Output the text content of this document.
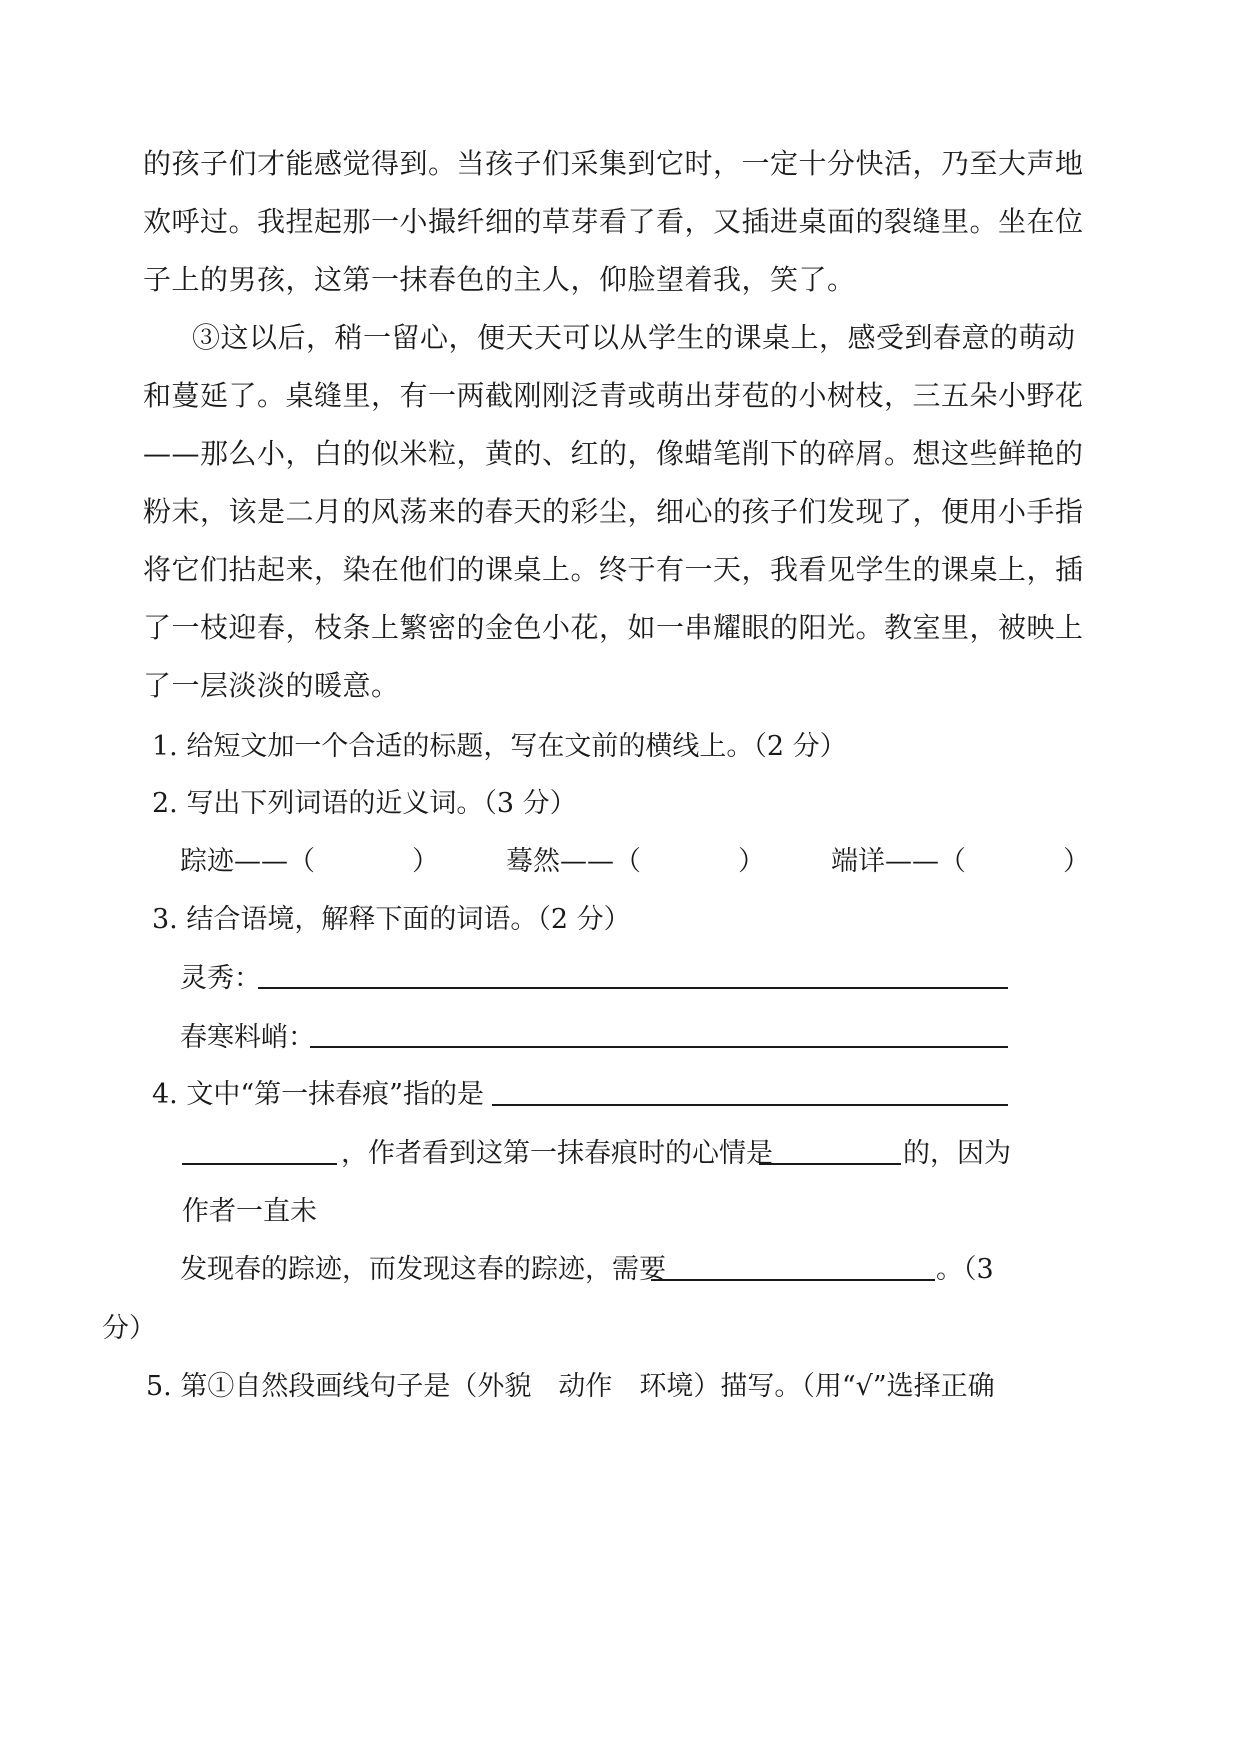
的孩子们才能感觉得到。当孩子们采集到它时，一定十分快活，乃至大声地

欢呼过。我捏起那一小撮纤细的草芽看了看，又插进桌面的裂缝里。坐在位

子上的男孩，这第一抹春色的主人，仰脸望着我，笑了。

③这以后，稍一留心，便天天可以从学生的课桌上，感受到春意的萌动

和蔓延了。桌缝里，有一两截刚刚泛青或萌出芽苞的小树枝，三五朵小野花

——那么小，白的似米粒，黄的、红的，像蜡笔削下的碎屑。想这些鲜艳的

粉末，该是二月的风荡来的春天的彩尘，细心的孩子们发现了，便用小手指

将它们拈起来，染在他们的课桌上。终于有一天，我看见学生的课桌上，插

了一枝迎春，枝条上繁密的金色小花，如一串耀眼的阳光。教室里，被映上

了一层淡淡的暖意。

1. 给短文加一个合适的标题，写在文前的横线上。（2 分）

2. 写出下列词语的近义词。（3 分）

踪迹——（	） 蓦然——（	） 端详——（	）

3. 结合语境，解释下面的词语。（2 分）

灵秀：
春寒料峭：
4. 文中“第一抹春痕”指的是
，作者看到这第一抹春痕时的心情是	的，因为
作者一直未
发现春的踪迹，而发现这春的踪迹，需要	。（3
分）

5. 第①自然段画线句子是（外貌　动作　环境）描写。（用“√”选择正确
